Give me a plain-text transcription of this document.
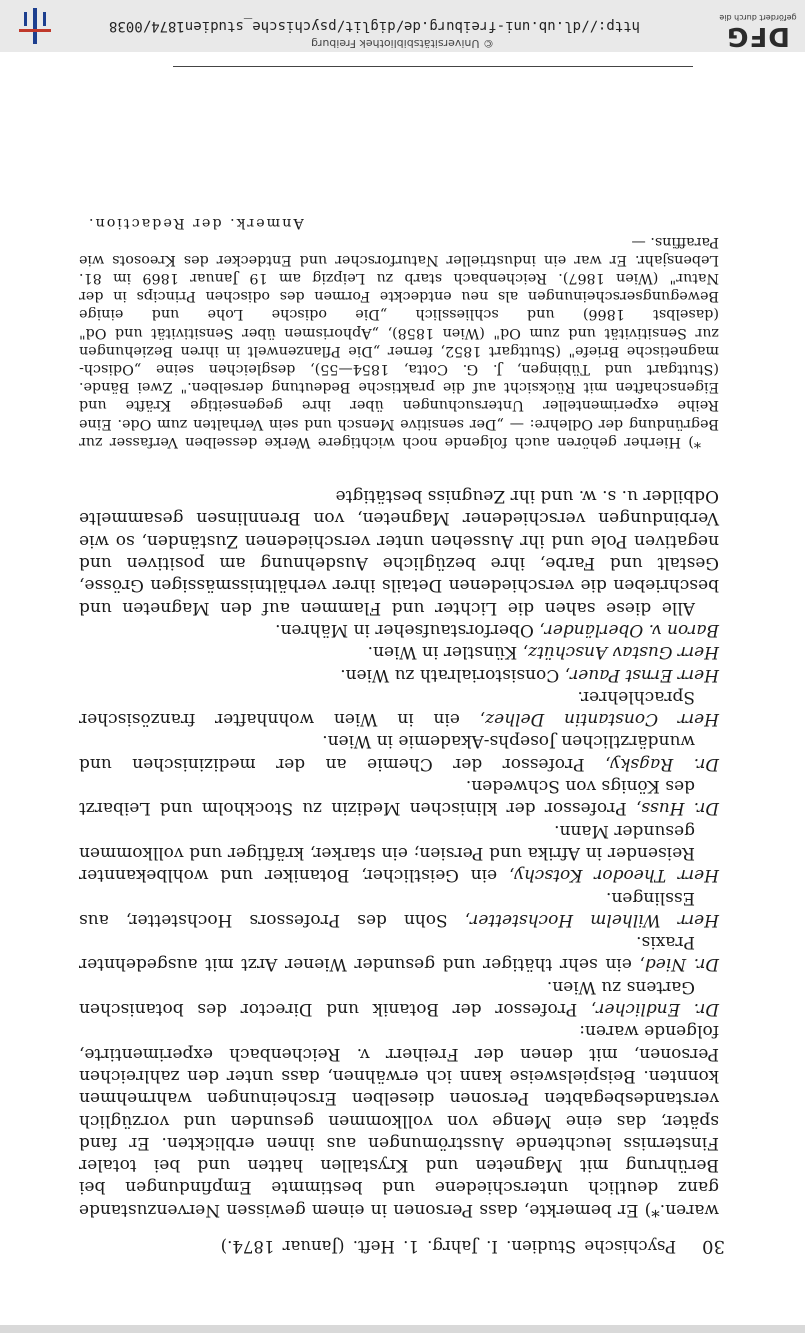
30
Psychische Studien. I. Jahrg. 1. Heft. (Januar 1874.)

waren.*) Er bemerkte, dass Personen in einem gewissen Nervenzustande ganz deutlich unterschiedene und bestimmte Empfindungen bei Berührung mit Magneten und Krystallen hatten und bei totaler Finsterniss leuchtende Ausströmungen aus ihnen erblickten. Er fand später, das eine Menge von vollkommen gesunden und vorzüglich verstandesbegabten Personen dieselben Erscheinungen wahrnehmen konnten. Beispielsweise kann ich erwähnen, dass unter den zahlreichen Personen, mit denen der Freiherr v. Reichenbach experimentirte, folgende waren:

Dr. Endlicher, Professor der Botanik und Director des botanischen Gartens zu Wien.

Dr. Nied, ein sehr thätiger und gesunder Wiener Arzt mit ausgedehnter Praxis.

Herr Wilhelm Hochstetter, Sohn des Professors Hochstetter, aus Esslingen.

Herr Theodor Kotschy, ein Geistlicher, Botaniker und wohlbekannter Reisender in Afrika und Persien; ein starker, kräftiger und vollkommen gesunder Mann.

Dr. Huss, Professor der klinischen Medizin zu Stockholm und Leibarzt des Königs von Schweden.

Dr. Ragsky, Professor der Chemie an der medizinischen und wundärztlichen Josephs-Akademie in Wien.

Herr Constantin Delhez, ein in Wien wohnhafter französischer Sprachlehrer.

Herr Ernst Pauer, Consistorialrath zu Wien.

Herr Gustav Anschütz, Künstler in Wien.

Baron v. Oberländer, Oberforstaufseher in Mähren.

Alle diese sahen die Lichter und Flammen auf den Magneten und beschrieben die verschiedenen Details ihrer verhältnissmässigen Grösse, Gestalt und Farbe, ihre bezügliche Ausdehnung am positiven und negativen Pole und ihr Aussehen unter verschiedenen Zuständen, so wie Verbindungen verschiedener Magneten, von Brennlinsen gesammelte Odbilder u. s. w. und ihr Zeugniss bestätigte

*) Hierher gehören auch folgende noch wichtigere Werke desselben Verfasser zur Begründung der Odlehre: — „Der sensitive Mensch und sein Verhalten zum Ode. Eine Reihe experimenteller Untersuchungen über ihre gegenseitige Kräfte und Eigenschaften mit Rücksicht auf die praktische Bedeutung derselben." Zwei Bände. (Stuttgart und Tübingen, J. G. Cotta, 1854—55), desgleichen seine „Odisch-magnetische Briefe" (Stuttgart 1852, ferner „Die Pflanzenwelt in ihren Beziehungen zur Sensitivität und zum Od" (Wien 1858), „Aphorismen über Sensitivität und Od" (daselbst 1866) und schliesslich „Die odische Lohe und einige Bewegungserscheinungen als neu entdeckte Formen des odischen Princips in der Natur" (Wien 1867). Reichenbach starb zu Leipzig am 19 Januar 1869 im 81. Lebensjahr. Er war ein industrieller Naturforscher und Entdecker des Kreosots wie Paraffins. —

Anmerk. der Redaction.

© Universitätsbibliothek Freiburg
http://dl.ub.uni-freiburg.de/diglit/psychische_studien1874/0038	DFG
gefördert durch die
